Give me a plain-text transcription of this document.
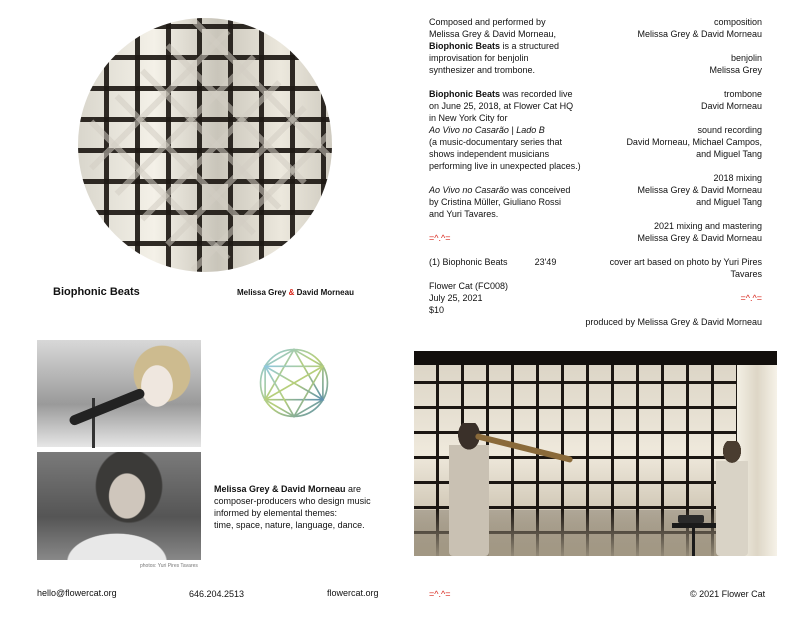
Biophonic Beats	Melissa Grey & David Morneau
Composed and performed by
Melissa Grey & David Morneau,
Biophonic Beats is a structured
improvisation for benjolin
synthesizer and trombone.
Biophonic Beats was recorded live
on June 25, 2018, at Flower Cat HQ
in New York City for
Ao Vivo no Casarão | Lado B
(a music-documentary series that
shows independent musicians
performing live in unexpected places.)
Ao Vivo no Casarão was conceived
by Cristina Müller, Giuliano Rossi
and Yuri Tavares.
=^.^=
(1) Biophonic Beats	23'49
Flower Cat (FC008)
July 25, 2021
$10
composition
Melissa Grey & David Morneau
benjolin
Melissa Grey
trombone
David Morneau
sound recording
David Morneau, Michael Campos,
and Miguel Tang
2018 mixing
Melissa Grey & David Morneau
and Miguel Tang
2021 mixing and mastering
Melissa Grey & David Morneau
cover art based on photo by Yuri Pires Tavares
=^.^=
produced by Melissa Grey & David Morneau
photos: Yuri Pires Tavares
Melissa Grey & David Morneau are
composer-producers who design music
informed by elemental themes:
time, space, nature, language, dance.
hello@flowercat.org	646.204.2513	flowercat.org	=^.^=	© 2021 Flower Cat
